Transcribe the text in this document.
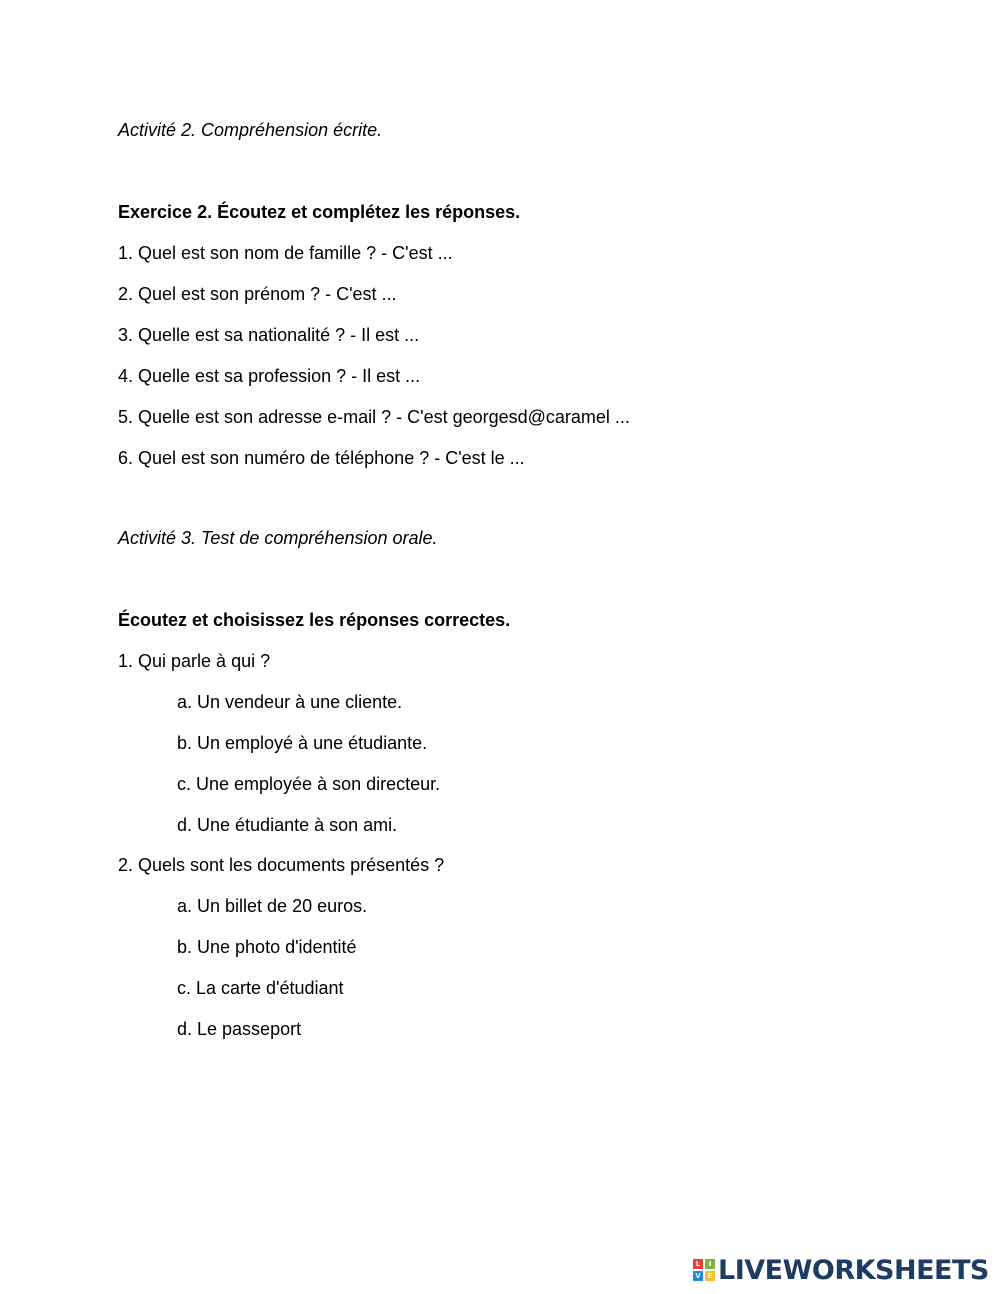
Activité 2. Compréhension écrite.
Exercice 2. Écoutez et complétez les réponses.
1. Quel est son nom de famille ? - C'est ...
2. Quel est son prénom ? - C'est ...
3. Quelle est sa nationalité ? - Il est ...
4. Quelle est sa profession ? - Il est ...
5. Quelle est son adresse e-mail ? - C'est georgesd@caramel ...
6. Quel est son numéro de téléphone ? - C'est le ...
Activité 3. Test de compréhension orale.
Écoutez et choisissez les réponses correctes.
1. Qui parle à qui ?
a. Un vendeur à une cliente.
b. Un employé à une étudiante.
c. Une employée à son directeur.
d. Une étudiante à son ami.
2. Quels sont les documents présentés ?
a. Un billet de 20 euros.
b. Une photo d'identité
c. La carte d'étudiant
d. Le passeport
L	I
V E LIVEWORKSHEETS
